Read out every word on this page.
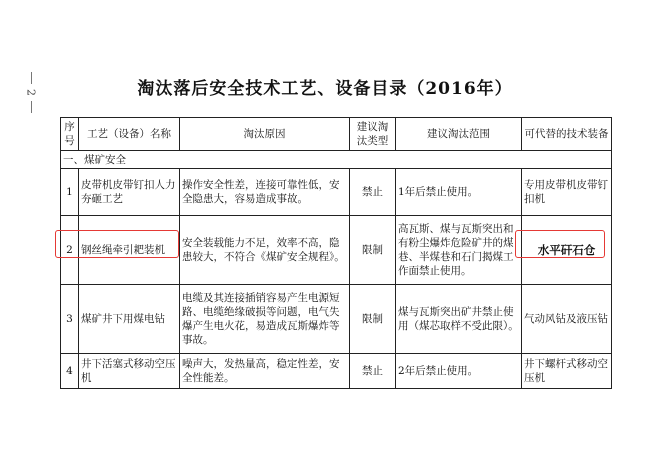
2	淘汰落后安全技术工艺、设备目录（2016年）
序号	工艺（设备）名称	淘汰原因	建议淘汰类型	建议淘汰范围	可代替的技术装备
一、煤矿安全					
1	皮带机皮带钉扣人力夯砸工艺	操作安全性差，连接可靠性低，安全隐患大，容易造成事故。	禁止	1年后禁止使用。	专用皮带机皮带钉扣机
2	钢丝绳牵引耙装机	安全装载能力不足，效率不高，隐患较大，不符合《煤矿安全规程》。	限制	高瓦斯、煤与瓦斯突出和有粉尘爆炸危险矿井的煤巷、半煤巷和石门揭煤工作面禁止使用。	水平矸石仓
3	煤矿井下用煤电钻	电缆及其连接插销容易产生电源短路、电缆绝缘破损等问题，电气失爆产生电火花，易造成瓦斯爆炸等事故。	限制	煤与瓦斯突出矿井禁止使用（煤芯取样不受此限）。	气动风钻及液压钻
4	井下活塞式移动空压机	噪声大，发热量高，稳定性差，安全性能差。	禁止	2年后禁止使用。	井下螺杆式移动空压机
